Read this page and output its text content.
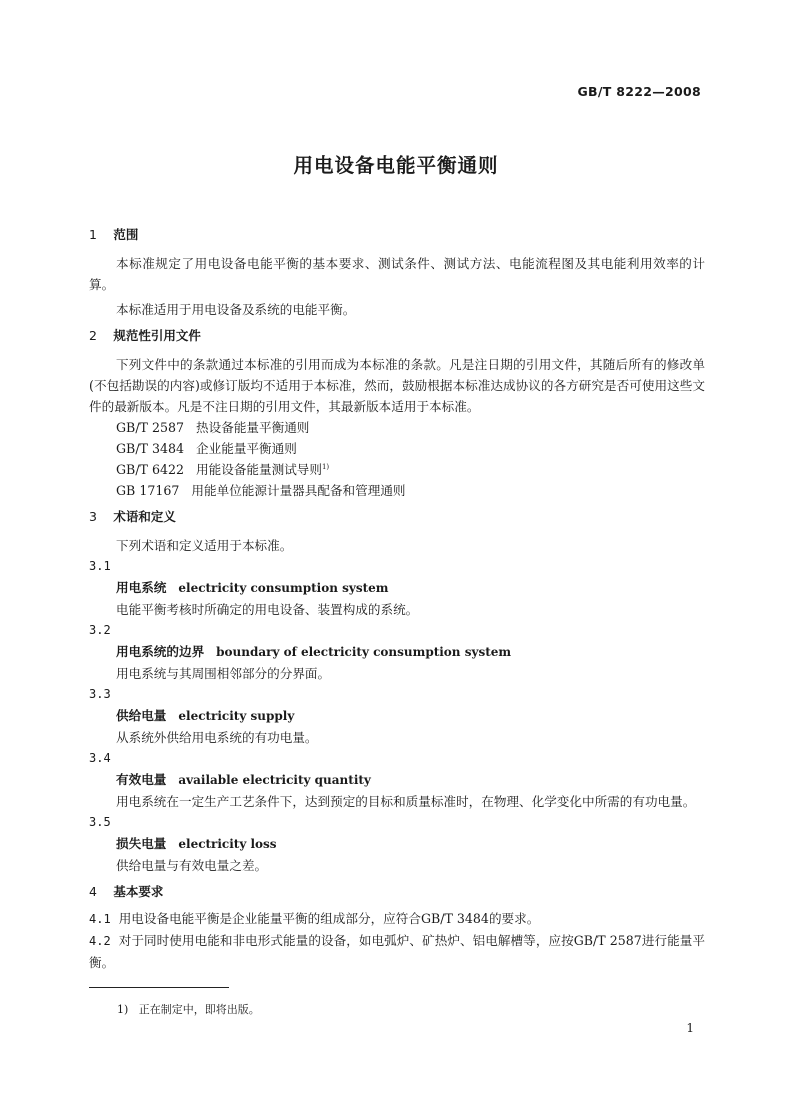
GB/T 8222—2008
用电设备电能平衡通则
1 范围
本标准规定了用电设备电能平衡的基本要求、测试条件、测试方法、电能流程图及其电能利用效率的计算。
本标准适用于用电设备及系统的电能平衡。
2 规范性引用文件
下列文件中的条款通过本标准的引用而成为本标准的条款。凡是注日期的引用文件，其随后所有的修改单(不包括勘误的内容)或修订版均不适用于本标准，然而，鼓励根据本标准达成协议的各方研究是否可使用这些文件的最新版本。凡是不注日期的引用文件，其最新版本适用于本标准。
GB/T 2587 热设备能量平衡通则
GB/T 3484 企业能量平衡通则
GB/T 6422 用能设备能量测试导则$^{1)}$
GB 17167 用能单位能源计量器具配备和管理通则
3 术语和定义
下列术语和定义适用于本标准。
3.1
用电系统 electricity consumption system
电能平衡考核时所确定的用电设备、装置构成的系统。
3.2
用电系统的边界 boundary of electricity consumption system
用电系统与其周围相邻部分的分界面。
3.3
供给电量 electricity supply
从系统外供给用电系统的有功电量。
3.4
有效电量 available electricity quantity
用电系统在一定生产工艺条件下，达到预定的目标和质量标准时，在物理、化学变化中所需的有功电量。
3.5
损失电量 electricity loss
供给电量与有效电量之差。
4 基本要求
4.1 用电设备电能平衡是企业能量平衡的组成部分，应符合GB/T 3484的要求。
4.2 对于同时使用电能和非电形式能量的设备，如电弧炉、矿热炉、铝电解槽等，应按GB/T 2587进行能量平衡。
1) 正在制定中，即将出版。
1
